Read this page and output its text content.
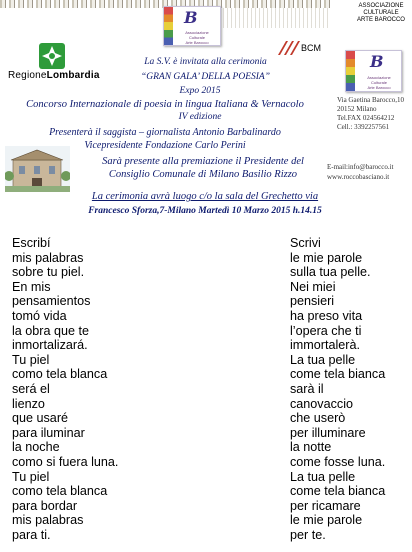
B
Associazione
Culturale
Arte Barocco
ASSOCIAZIONE
CULTURALE
ARTE BAROCCO
B
Associazione
Culturale
Arte Barocco
RegioneLombardia
BCM
La S.V. è invitata alla cerimonia
“GRAN GALA’ DELLA POESIA”
Expo 2015
Concorso Internazionale di poesia in lingua Italiana & Vernacolo
IV edizione
Presenterà il saggista – giornalista Antonio Barbalinardo
Vicepresidente Fondazione Carlo Perini
Sarà presente alla premiazione il Presidente del
Consiglio Comunale di Milano Basilio Rizzo
La cerimonia avrà luogo c/o la sala del Grechetto via
Francesco Sforza,7-Milano Martedì 10 Marzo 2015 h.14.15
Via Gaetina Barocco,10
20152 Milano
Tel.FAX 024564212
Cell.: 3392257561
E-mail:info@barocco.it
www.roccobasciano.it
Escribí
mis palabras
sobre tu piel.
En mis
pensamientos
tomó vida
la obra que te
inmortalizará.
Tu piel
como tela blanca
será el
lienzo
que usaré
para iluminar
la noche
como si fuera luna.
Tu piel
como tela blanca
para bordar
mis palabras
para ti.
Scrivi
le mie parole
sulla tua pelle.
Nei miei
pensieri
ha preso vita
l’opera che ti
immortalerà.
La tua pelle
come tela bianca
sarà il
canovaccio
che userò
per illuminare
la notte
come fosse luna.
La tua pelle
come tela bianca
per ricamare
le mie parole
per te.
